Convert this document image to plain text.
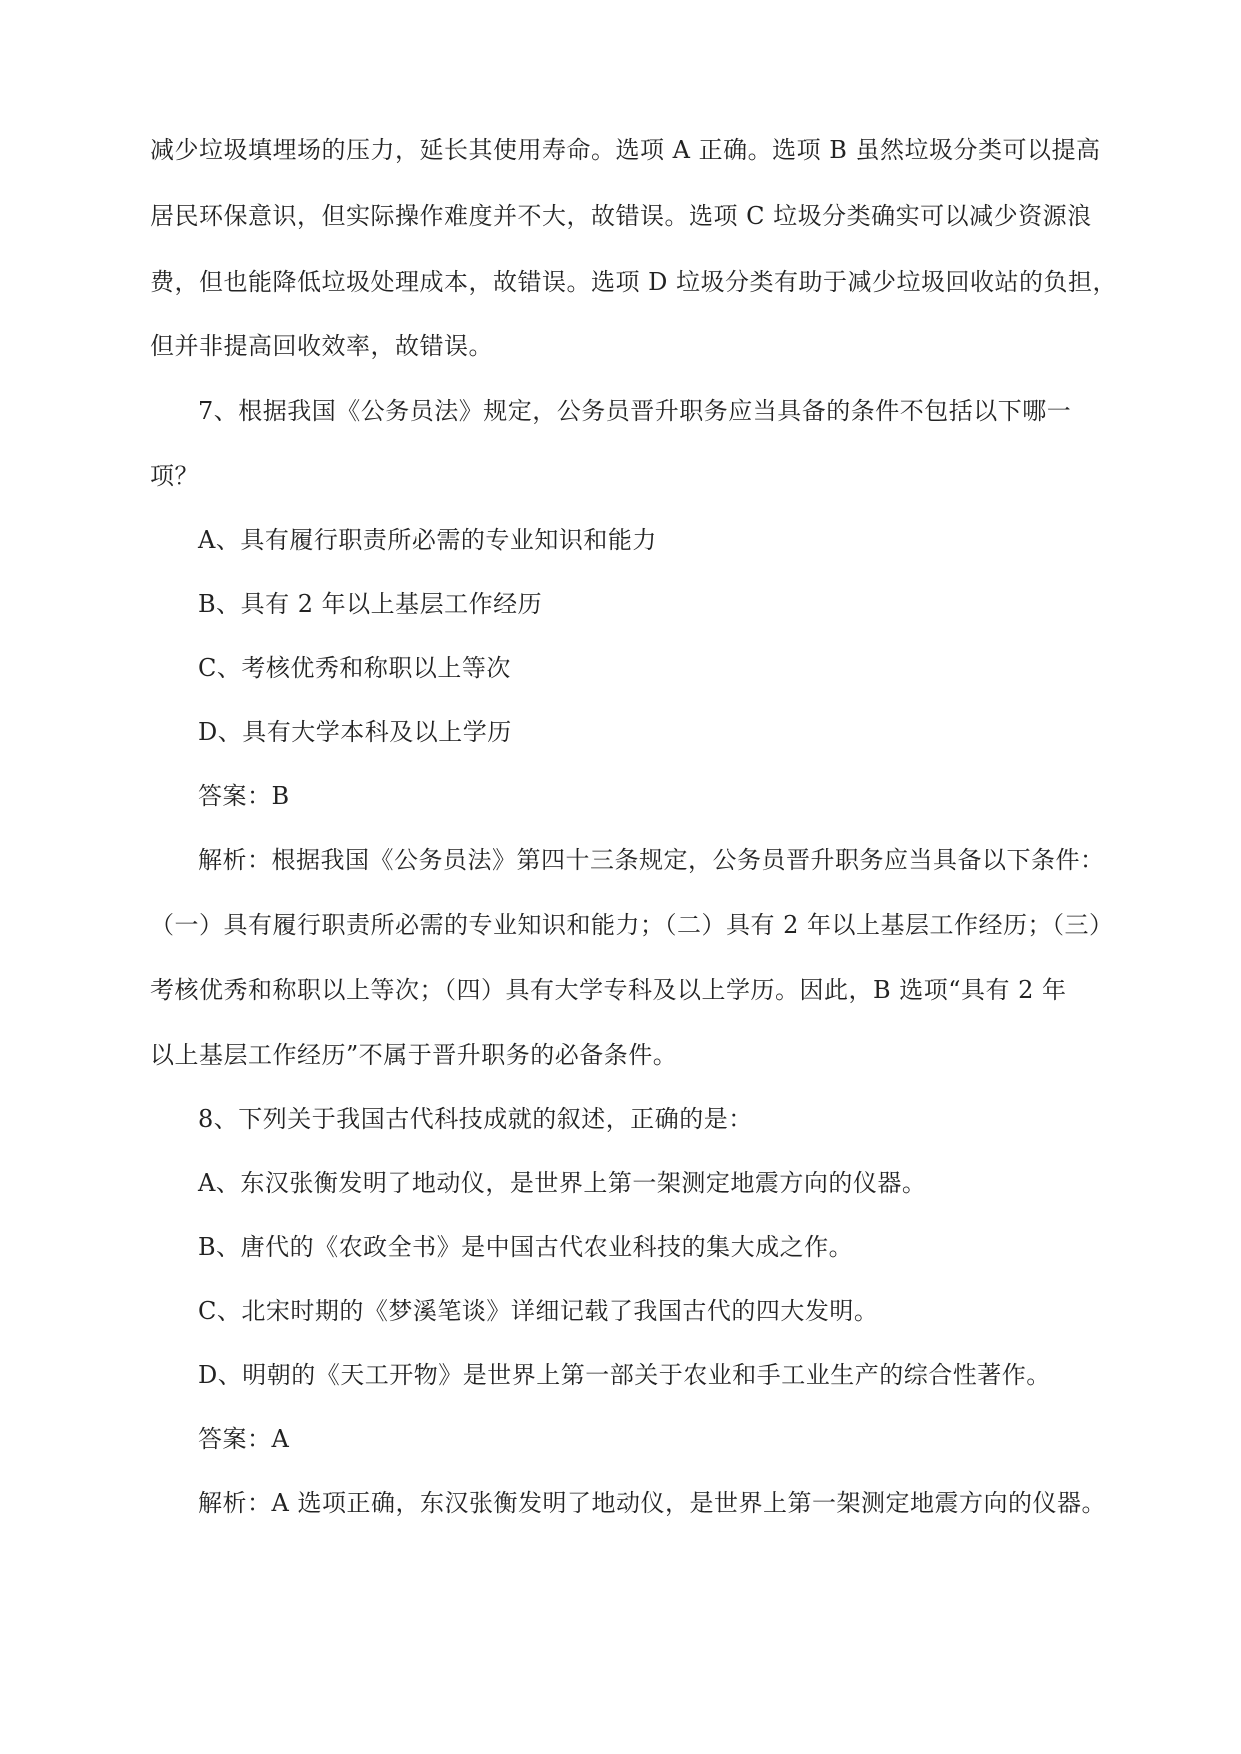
减少垃圾填埋场的压力，延长其使用寿命。选项 A 正确。选项 B 虽然垃圾分类可以提高
居民环保意识，但实际操作难度并不大，故错误。选项 C 垃圾分类确实可以减少资源浪
费，但也能降低垃圾处理成本，故错误。选项 D 垃圾分类有助于减少垃圾回收站的负担，
但并非提高回收效率，故错误。
7、根据我国《公务员法》规定，公务员晋升职务应当具备的条件不包括以下哪一
项？
A、具有履行职责所必需的专业知识和能力
B、具有 2 年以上基层工作经历
C、考核优秀和称职以上等次
D、具有大学本科及以上学历
答案：B
解析：根据我国《公务员法》第四十三条规定，公务员晋升职务应当具备以下条件：
（一）具有履行职责所必需的专业知识和能力；（二）具有 2 年以上基层工作经历；（三）
考核优秀和称职以上等次；（四）具有大学专科及以上学历。因此，B 选项“具有 2 年
以上基层工作经历”不属于晋升职务的必备条件。
8、下列关于我国古代科技成就的叙述，正确的是：
A、东汉张衡发明了地动仪，是世界上第一架测定地震方向的仪器。
B、唐代的《农政全书》是中国古代农业科技的集大成之作。
C、北宋时期的《梦溪笔谈》详细记载了我国古代的四大发明。
D、明朝的《天工开物》是世界上第一部关于农业和手工业生产的综合性著作。
答案：A
解析：A 选项正确，东汉张衡发明了地动仪，是世界上第一架测定地震方向的仪器。
